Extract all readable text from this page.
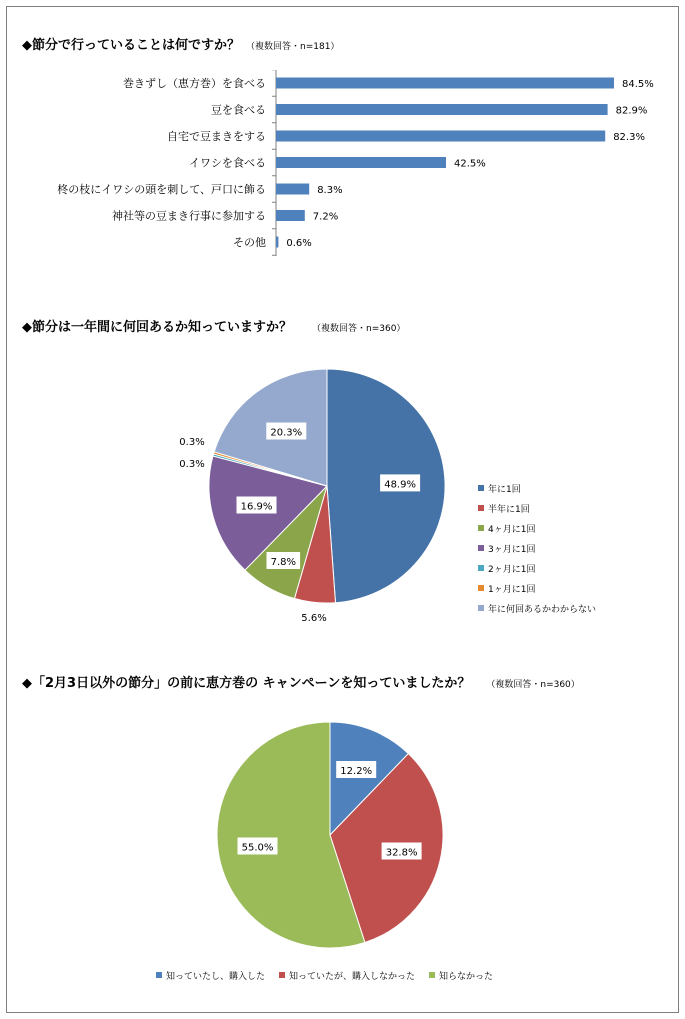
◆節分で行っていることは何ですか？ （複数回答・n=181）
巻きずし（恵方巻）を食べる	84.5%
豆を食べる	82.9%
自宅で豆まきをする	82.3%
イワシを食べる	42.5%
柊の枝にイワシの頭を刺して、戸口に飾る	8.3%
神社等の豆まき行事に参加する	7.2%
その他 0.6%
◆節分は一年間に何回あるか知っていますか？ （複数回答・n=360）
48.9%
5.6%
7.8%
16.9%
0.3%
0.3%
20.3%
年に1回
半年に1回
4ヶ月に1回
3ヶ月に1回
2ヶ月に1回
1ヶ月に1回
年に何回あるかわからない
◆「2月3日以外の節分」の前に恵方巻の キャンペーンを知っていましたか？ （複数回答・n=360）
12.2%
32.8%
55.0%
知っていたし、購入した	知っていたが、購入しなかった	知らなかった
